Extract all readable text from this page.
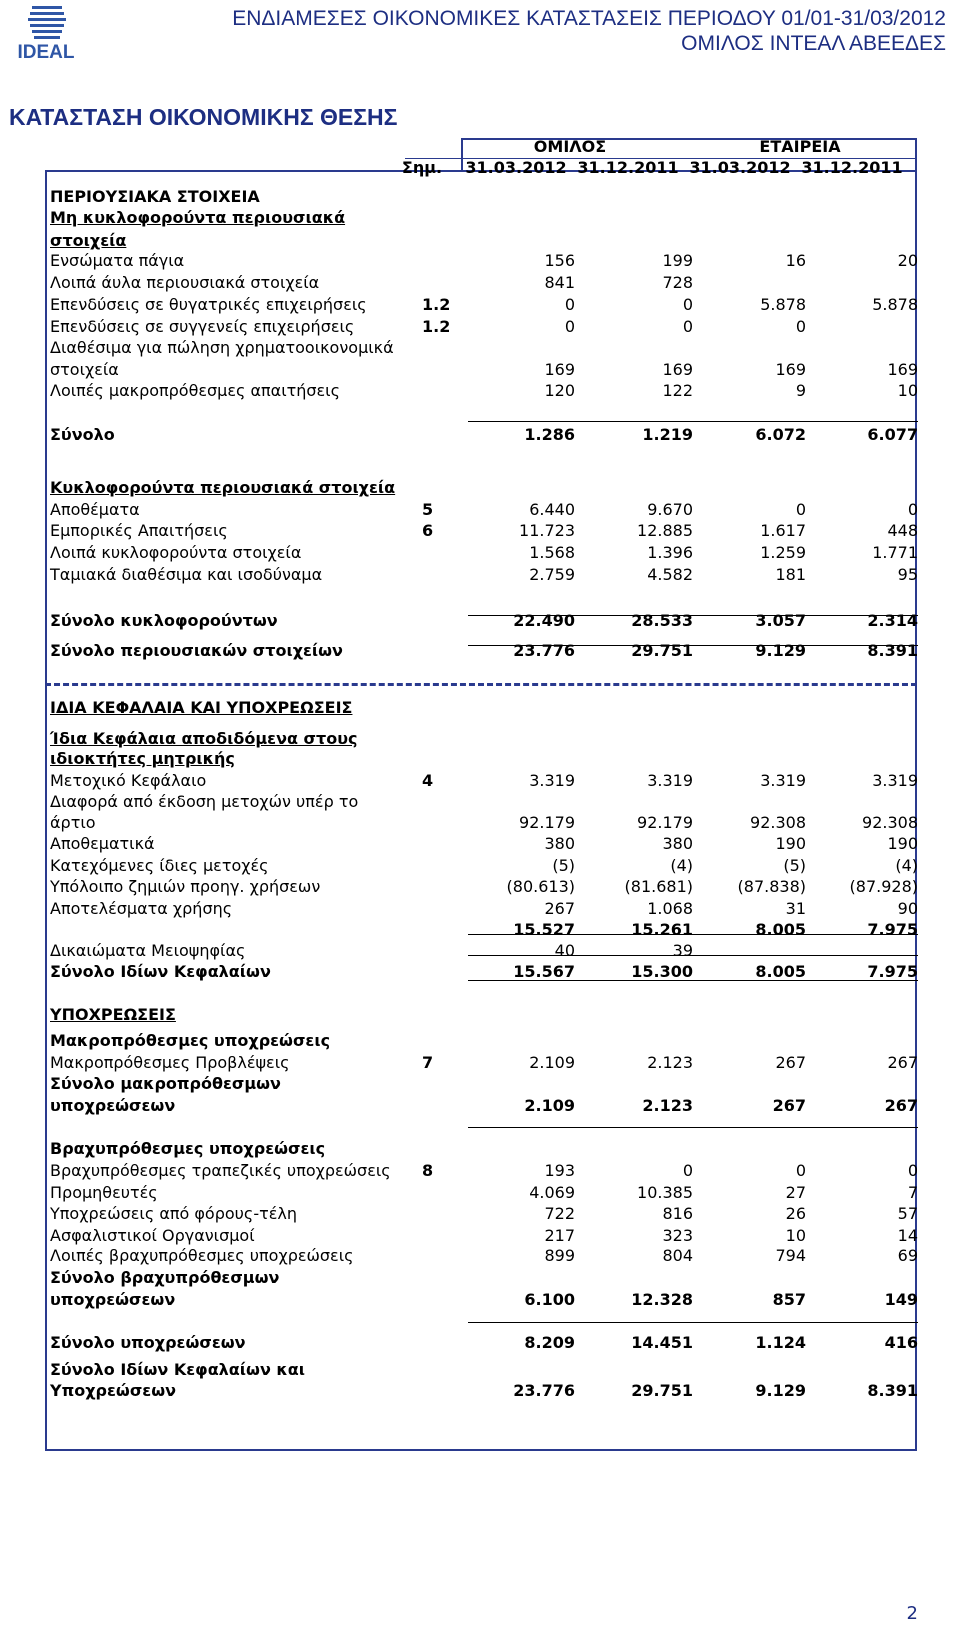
IDEAL
ΕΝΔΙΑΜΕΣΕΣ ΟΙΚΟΝΟΜΙΚΕΣ ΚΑΤΑΣΤΑΣΕΙΣ ΠΕΡΙΟΔΟΥ 01/01-31/03/2012
ΟΜΙΛΟΣ ΙΝΤΕΑΛ ΑΒΕΕΔΕΣ
ΚΑΤΑΣΤΑΣΗ ΟΙΚΟΝΟΜΙΚΗΣ ΘΕΣΗΣ
ΟΜΙΛΟΣ	ΕΤΑΙΡΕΙΑ
Σημ.	31.03.2012 31.12.2011 31.03.2012 31.12.2011
ΠΕΡΙΟΥΣΙΑΚΑ ΣΤΟΙΧΕΙΑ
Μη κυκλοφορούντα περιουσιακά
στοιχεία
Ενσώματα πάγια	156	199	16	20
Λοιπά άυλα περιουσιακά στοιχεία	841	728
Επενδύσεις σε θυγατρικές επιχειρήσεις	1.2	0	0	5.878	5.878
Επενδύσεις σε συγγενείς επιχειρήσεις	1.2	0	0	0
Διαθέσιμα για πώληση χρηματοοικονομικά
στοιχεία	169	169	169	169
Λοιπές μακροπρόθεσμες απαιτήσεις	120	122	9	10
Σύνολο	1.286	1.219	6.072	6.077
Κυκλοφορούντα περιουσιακά στοιχεία
Αποθέματα	5	6.440	9.670	0	0
Εμπορικές Απαιτήσεις	6	11.723	12.885	1.617	448
Λοιπά κυκλοφορούντα στοιχεία	1.568	1.396	1.259	1.771
Ταμιακά διαθέσιμα και ισοδύναμα	2.759	4.582	181	95
Σύνολο κυκλοφορούντων	22.490	28.533	3.057	2.314
Σύνολο περιουσιακών στοιχείων	23.776	29.751	9.129	8.391
ΙΔΙΑ ΚΕΦΑΛΑΙΑ ΚΑΙ ΥΠΟΧΡΕΩΣΕΙΣ
Ίδια Κεφάλαια αποδιδόμενα στους
ιδιοκτήτες μητρικής
Μετοχικό Κεφάλαιο	4	3.319	3.319	3.319	3.319
Διαφορά από έκδοση μετοχών υπέρ το
άρτιο	92.179	92.179	92.308	92.308
Αποθεματικά	380	380	190	190
Κατεχόμενες ίδιες μετοχές	(5)	(4)	(5)	(4)
Υπόλοιπο ζημιών προηγ. χρήσεων	(80.613)	(81.681)	(87.838)	(87.928)
Αποτελέσματα χρήσης	267	1.068	31	90
15.527	15.261	8.005	7.975
Δικαιώματα Μειοψηφίας	40	39
Σύνολο Ιδίων Κεφαλαίων	15.567	15.300	8.005	7.975
ΥΠΟΧΡΕΩΣΕΙΣ
Μακροπρόθεσμες υποχρεώσεις
Μακροπρόθεσμες Προβλέψεις	7	2.109	2.123	267	267
Σύνολο μακροπρόθεσμων
υποχρεώσεων	2.109	2.123	267	267
Βραχυπρόθεσμες υποχρεώσεις
Βραχυπρόθεσμες τραπεζικές υποχρεώσεις 8	193	0	0	0
Προμηθευτές	4.069	10.385	27	7
Υποχρεώσεις από φόρους-τέλη	722	816	26	57
Ασφαλιστικοί Οργανισμοί	217	323	10	14
Λοιπές βραχυπρόθεσμες υποχρεώσεις	899	804	794	69
Σύνολο βραχυπρόθεσμων
υποχρεώσεων	6.100	12.328	857	149
Σύνολο υποχρεώσεων	8.209	14.451	1.124	416
Σύνολο Ιδίων Κεφαλαίων και
Υποχρεώσεων	23.776	29.751	9.129	8.391
2
